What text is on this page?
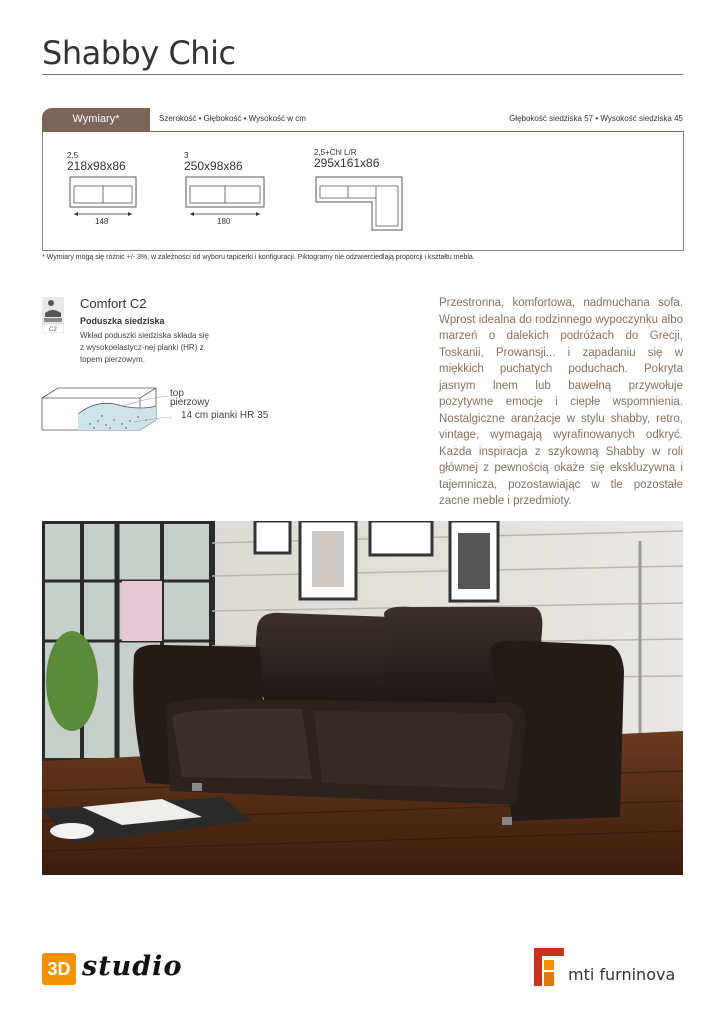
Shabby Chic
Wymiary*	Szerokość • Głębokość • Wysokość w cm	Głębokość siedziska 57 • Wysokość siedziska 45
2,5
218x98x86
148
3
250x98x86
180
2,5+Chl L/R
295x161x86
* Wymiary mogą się różnić +/- 3%, w zależności od wyboru tapicerki i konfiguracji. Piktogramy nie odzwierciedlają proporcji i kształtu mebla.
C2
Comfort C2
Poduszka siedziska
Wkład poduszki siedziska składa się z wysokoelastycz-nej pianki (HR) z topem pierzowym.
top
pierzowy
14 cm pianki HR 35
Przestronna, komfortowa, nadmuchana sofa. Wprost idealna do rodzinnego wypoczynku albo marzeń o dalekich podróżach do Grecji, Toskanii, Prowansji... i zapadaniu się w miękkich puchatych poduchach. Pokryta jasnym lnem lub bawełną przywołuje pozytywne emocje i ciepłe wspomnienia. Nostalgiczne aranżacje w stylu shabby, retro, vintage, wymagają wyrafinowanych odkryć. Każda inspiracja z szykowną Shabby w roli głównej z pewnością okaże się ekskluzywna i tajemnicza, pozostawiając w tle pozostałe zacne meble i przedmioty.
3D studio	mti furninova
